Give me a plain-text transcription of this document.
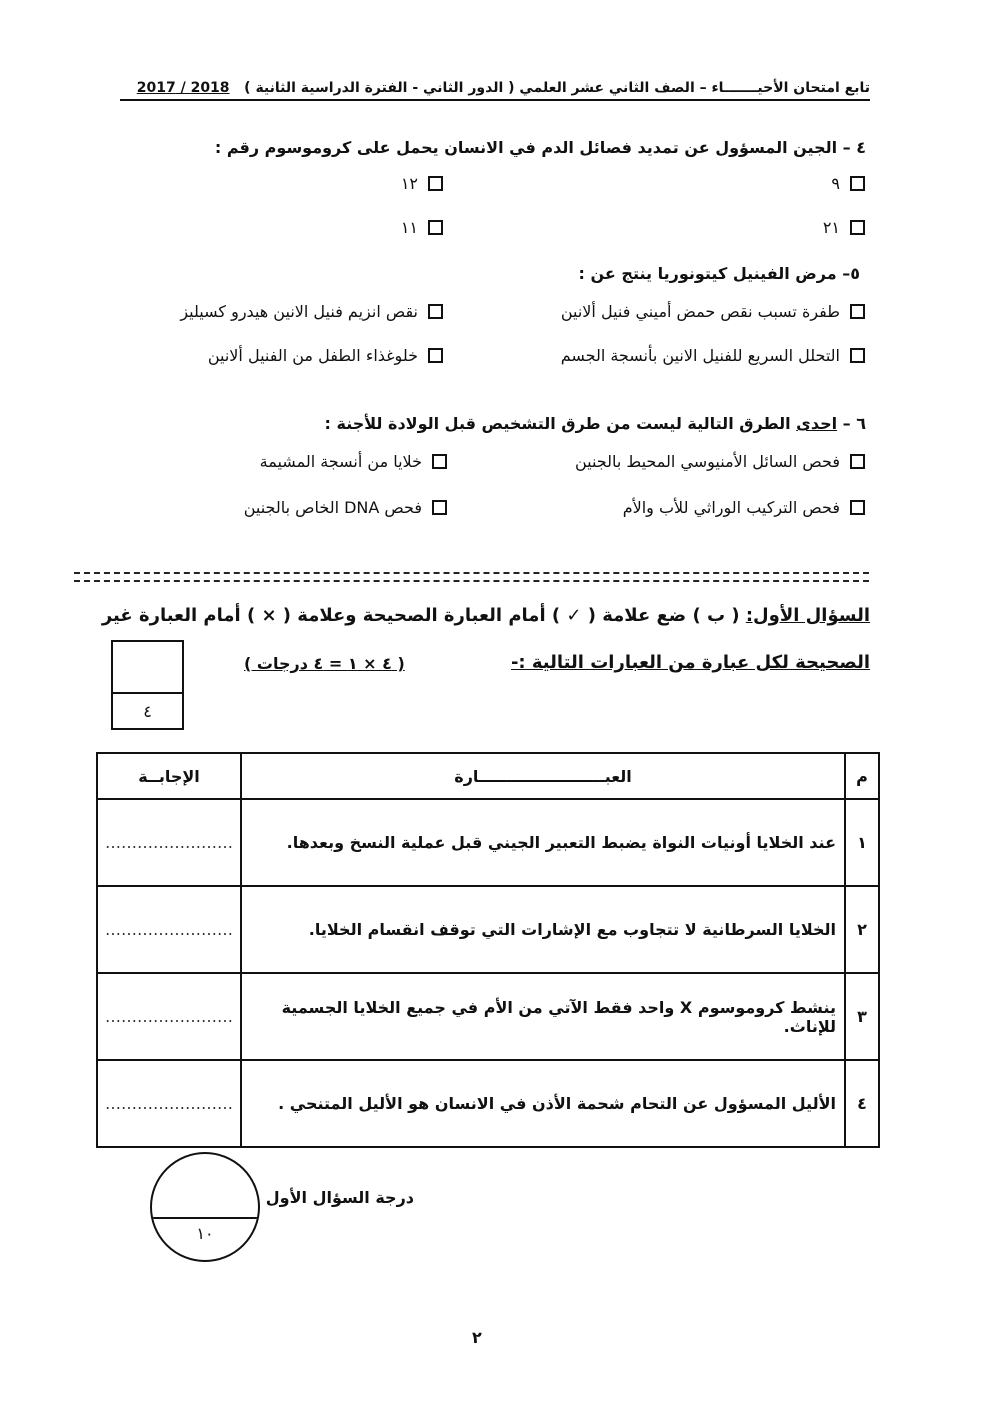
تابع امتحان الأحيـــــــاء – الصف الثاني عشر العلمي ( الدور الثاني - الفترة الدراسية الثانية )   2018 / 2017
٤ – الجين المسؤول عن تمديد فصائل الدم في الانسان يحمل على كروموسوم رقم :
٩
١٢
٢١
١١
٥– مرض الفينيل كيتونوريا ينتج عن :
طفرة تسبب نقص حمض أميني فنيل ألانين
نقص انزيم فنيل الانين هيدرو كسيليز
التحلل السريع للفنيل الانين بأنسجة الجسم
خلوغذاء الطفل من الفنيل ألانين
٦ – احدى الطرق التالية ليست من طرق التشخيص قبل الولادة للأجنة :
فحص السائل الأمنيوسي المحيط بالجنين
خلايا من أنسجة المشيمة
فحص التركيب الوراثي للأب والأم
فحص DNA الخاص بالجنين
السؤال الأول: ( ب ) ضع علامة ( ✓ ) أمام العبارة الصحيحة وعلامة ( × ) أمام العبارة غير
الصحيحة لكل عبارة من العبارات التالية :-
( ٤ × ١ = ٤ درجات )
٤
م	العبـــــــــــــــــــــــارة	الإجابــة
١	عند الخلايا أونيات النواة يضبط التعبير الجيني قبل عملية النسخ وبعدها.	……………………
٢	الخلايا السرطانية لا تتجاوب مع الإشارات التي توقف انقسام الخلايا.	……………………
٣	ينشط كروموسوم X واحد فقط الآتي من الأم في جميع الخلايا الجسمية للإناث.	……………………
٤	الأليل المسؤول عن التحام شحمة الأذن في الانسان هو الأليل المتنحي .	……………………
١٠
درجة السؤال الأول
٢
